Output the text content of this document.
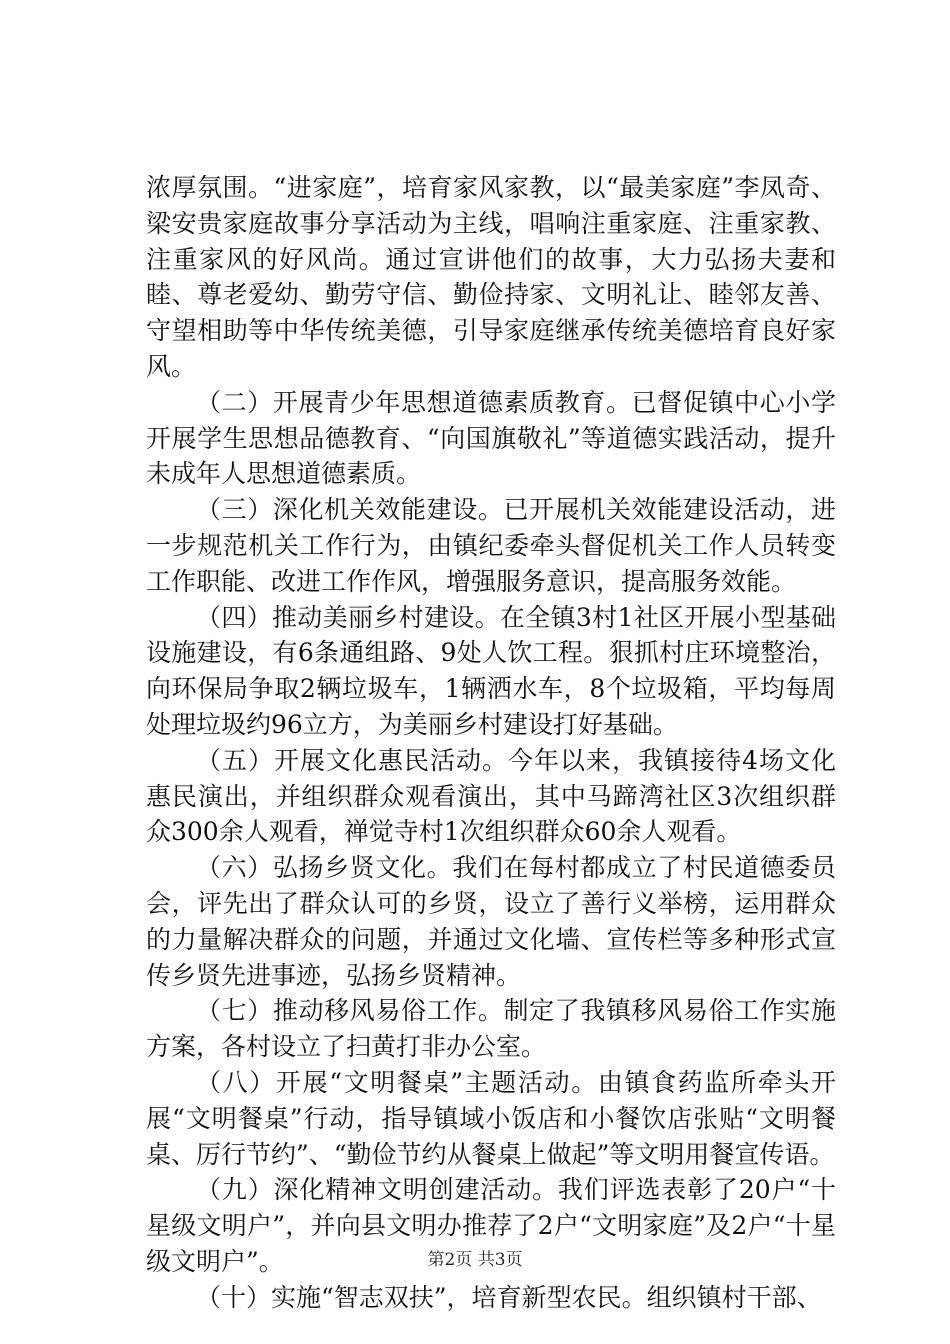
浓厚氛围。“进家庭”，培育家风家教，以“最美家庭”李凤奇、梁安贵家庭故事分享活动为主线，唱响注重家庭、注重家教、注重家风的好风尚。通过宣讲他们的故事，大力弘扬夫妻和睦、尊老爱幼、勤劳守信、勤俭持家、文明礼让、睦邻友善、守望相助等中华传统美德，引导家庭继承传统美德培育良好家风。

（二）开展青少年思想道德素质教育。已督促镇中心小学开展学生思想品德教育、“向国旗敬礼”等道德实践活动，提升未成年人思想道德素质。

（三）深化机关效能建设。已开展机关效能建设活动，进一步规范机关工作行为，由镇纪委牵头督促机关工作人员转变工作职能、改进工作作风，增强服务意识，提高服务效能。

（四）推动美丽乡村建设。在全镇3村1社区开展小型基础设施建设，有6条通组路、9处人饮工程。狠抓村庄环境整治，向环保局争取2辆垃圾车，1辆洒水车，8个垃圾箱，平均每周处理垃圾约96立方，为美丽乡村建设打好基础。

（五）开展文化惠民活动。今年以来，我镇接待4场文化惠民演出，并组织群众观看演出，其中马蹄湾社区3次组织群众300余人观看，禅觉寺村1次组织群众60余人观看。

（六）弘扬乡贤文化。我们在每村都成立了村民道德委员会，评先出了群众认可的乡贤，设立了善行义举榜，运用群众的力量解决群众的问题，并通过文化墙、宣传栏等多种形式宣传乡贤先进事迹，弘扬乡贤精神。

（七）推动移风易俗工作。制定了我镇移风易俗工作实施方案，各村设立了扫黄打非办公室。

（八）开展“文明餐桌”主题活动。由镇食药监所牵头开展“文明餐桌”行动，指导镇域小饭店和小餐饮店张贴“文明餐桌、厉行节约”、“勤俭节约从餐桌上做起”等文明用餐宣传语。

（九）深化精神文明创建活动。我们评选表彰了20户“十星级文明户”，并向县文明办推荐了2户“文明家庭”及2户“十星级文明户”。

（十）实施“智志双扶”，培育新型农民。组织镇村干部、

第2页 共3页
